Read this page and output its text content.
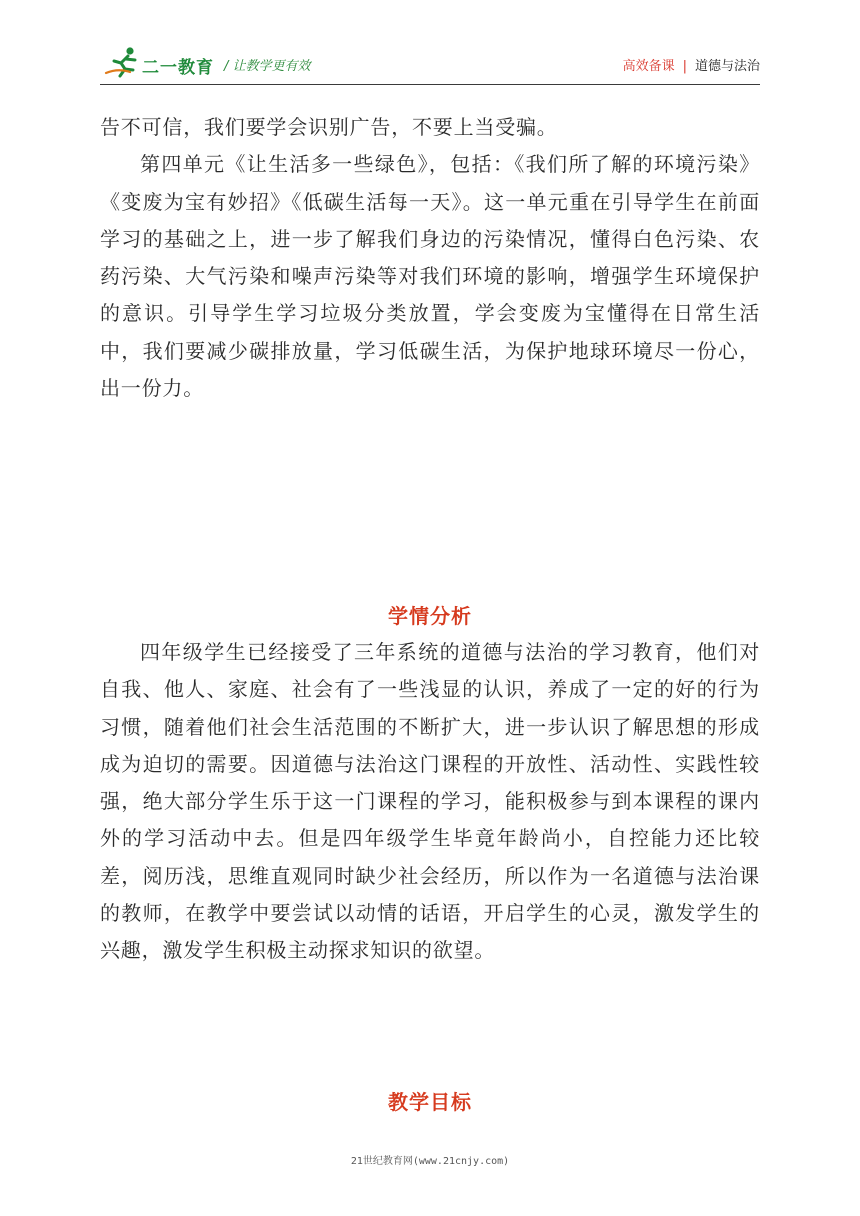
二一教育 / 让教学更有效	高效备课 | 道德与法治

告不可信，我们要学会识别广告，不要上当受骗。

第四单元《让生活多一些绿色》，包括：《我们所了解的环境污染》《变废为宝有妙招》《低碳生活每一天》。这一单元重在引导学生在前面学习的基础之上，进一步了解我们身边的污染情况，懂得白色污染、农药污染、大气污染和噪声污染等对我们环境的影响，增强学生环境保护的意识。引导学生学习垃圾分类放置，学会变废为宝懂得在日常生活中，我们要减少碳排放量，学习低碳生活，为保护地球环境尽一份心，出一份力。

学情分析

四年级学生已经接受了三年系统的道德与法治的学习教育，他们对自我、他人、家庭、社会有了一些浅显的认识，养成了一定的好的行为习惯，随着他们社会生活范围的不断扩大，进一步认识了解思想的形成成为迫切的需要。因道德与法治这门课程的开放性、活动性、实践性较强，绝大部分学生乐于这一门课程的学习，能积极参与到本课程的课内外的学习活动中去。但是四年级学生毕竟年龄尚小，自控能力还比较差，阅历浅，思维直观同时缺少社会经历，所以作为一名道德与法治课的教师，在教学中要尝试以动情的话语，开启学生的心灵，激发学生的兴趣，激发学生积极主动探求知识的欲望。

教学目标
21世纪教育网(www.21cnjy.com)
